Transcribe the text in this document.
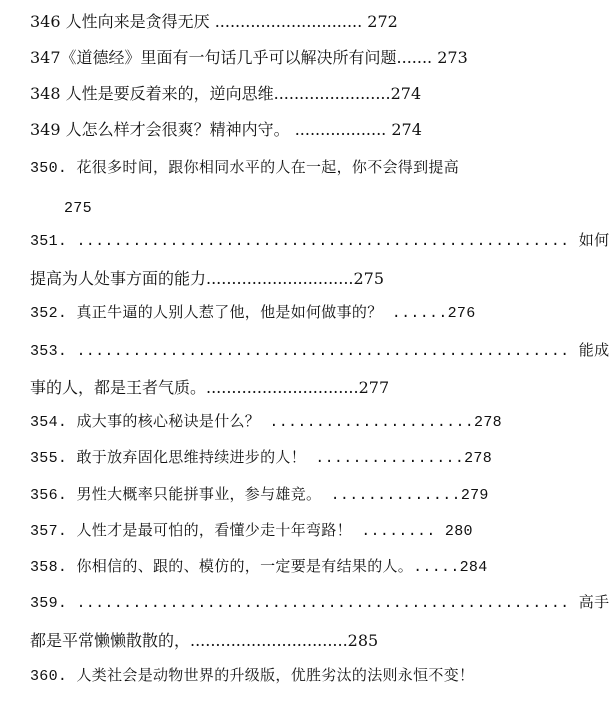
346 人性向来是贪得无厌 ............................. 272
347《道德经》里面有一句话几乎可以解决所有问题....... 273
348 人性是要反着来的，逆向思维.......................274
349 人怎么样才会很爽？精神内守。 .................. 274
350. 花很多时间，跟你相同水平的人在一起，你不会得到提高
275
351. ..................................................... 如何
提高为人处事方面的能力.............................275
352. 真正牛逼的人别人惹了他，他是如何做事的？ ......276
353. ..................................................... 能成
事的人，都是王者气质。..............................277
354. 成大事的核心秘诀是什么？ ......................278
355. 敢于放弃固化思维持续进步的人！ ................278
356. 男性大概率只能拼事业，参与雄竞。 ..............279
357. 人性才是最可怕的，看懂少走十年弯路！ ........ 280
358. 你相信的、跟的、模仿的，一定要是有结果的人。.....284
359. ..................................................... 高手
都是平常懒懒散散的，...............................285
360. 人类社会是动物世界的升级版，优胜劣汰的法则永恒不变！
